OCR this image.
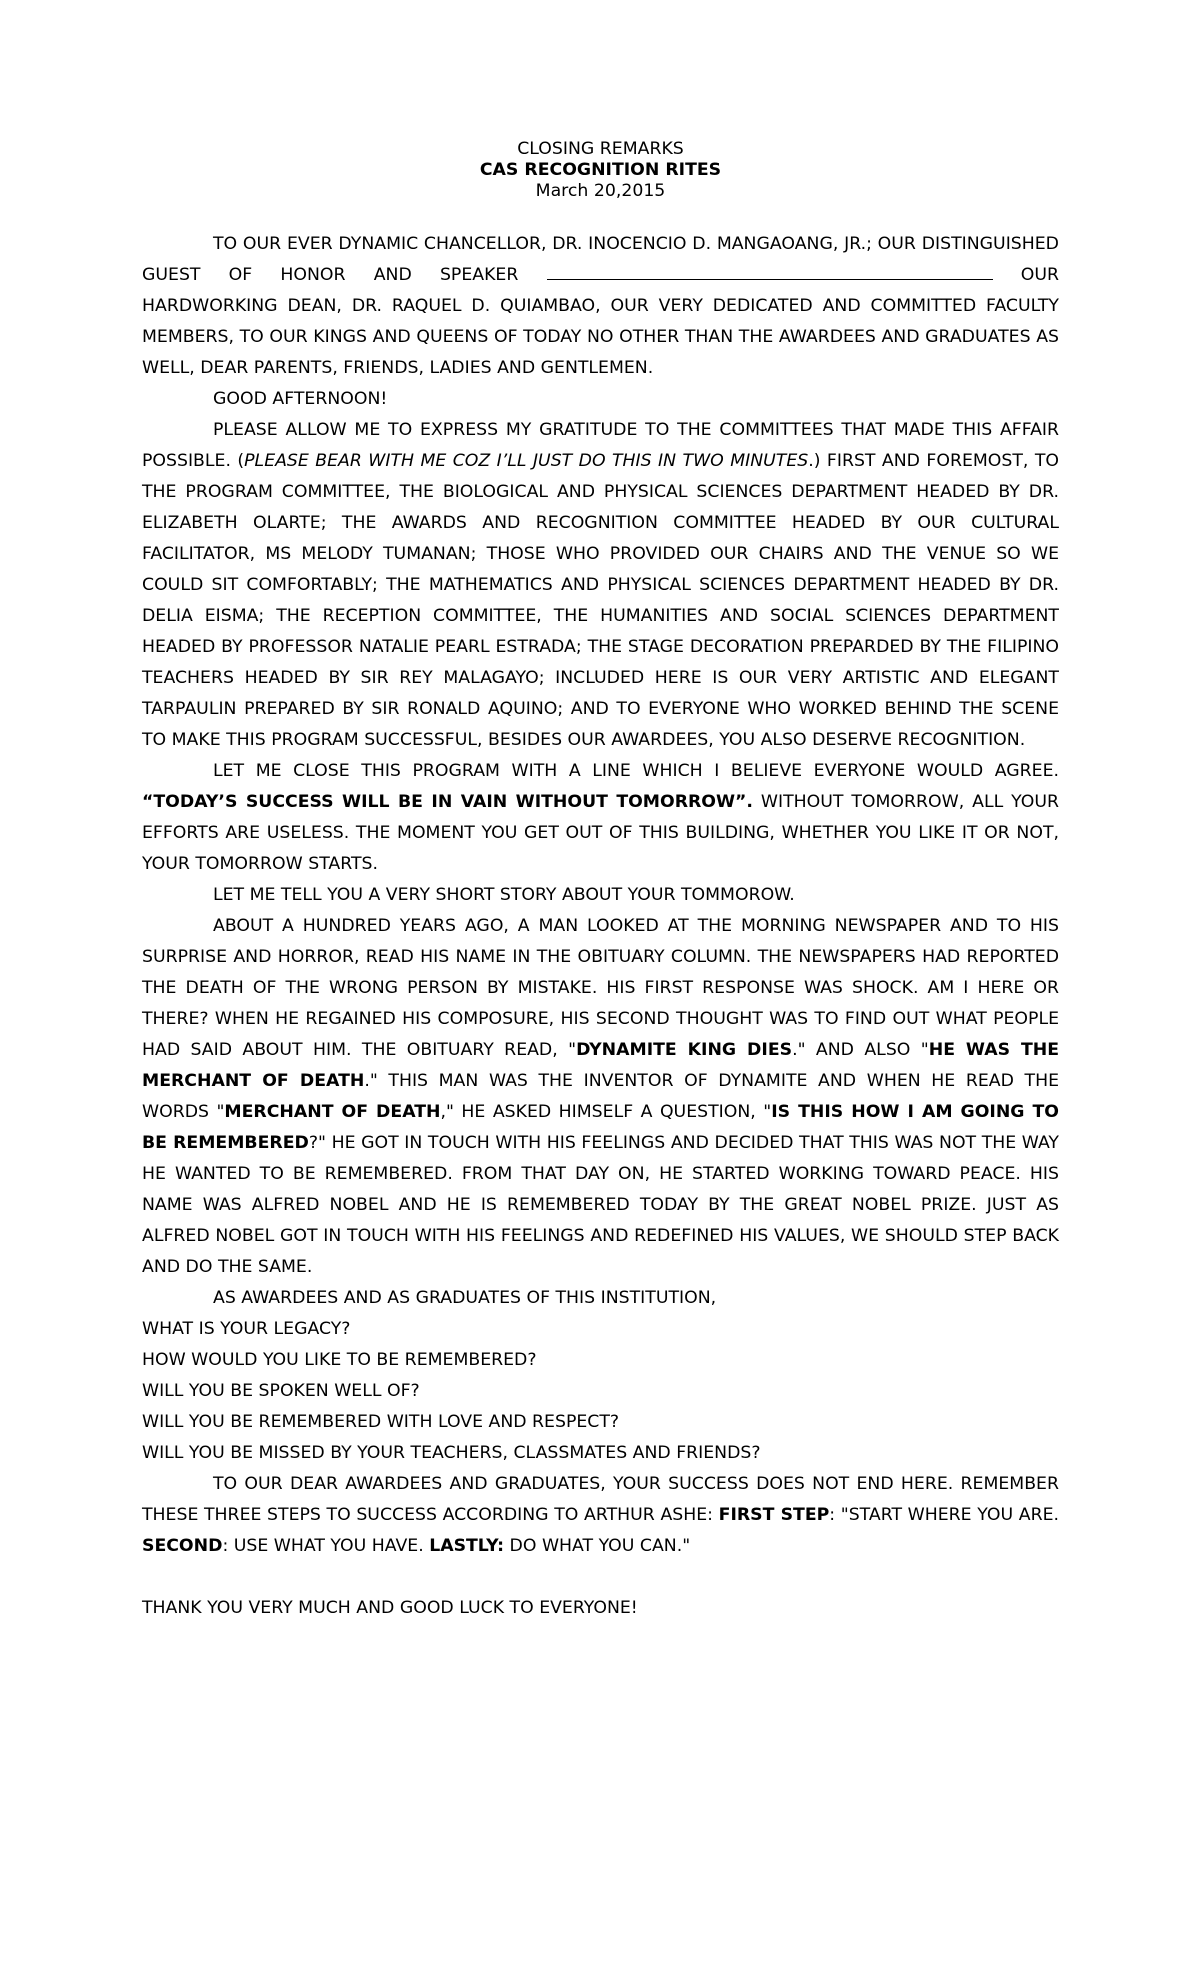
CLOSING REMARKS
CAS RECOGNITION RITES
March 20,2015

TO OUR EVER DYNAMIC CHANCELLOR, DR. INOCENCIO D. MANGAOANG, JR.; OUR DISTINGUISHED GUEST OF HONOR AND SPEAKER	OUR HARDWORKING DEAN, DR. RAQUEL D. QUIAMBAO, OUR VERY DEDICATED AND COMMITTED FACULTY MEMBERS, TO OUR KINGS AND QUEENS OF TODAY NO OTHER THAN THE AWARDEES AND GRADUATES AS WELL, DEAR PARENTS, FRIENDS, LADIES AND GENTLEMEN.

GOOD AFTERNOON!

PLEASE ALLOW ME TO EXPRESS MY GRATITUDE TO THE COMMITTEES THAT MADE THIS AFFAIR POSSIBLE. (PLEASE BEAR WITH ME COZ I’LL JUST DO THIS IN TWO MINUTES.) FIRST AND FOREMOST, TO THE PROGRAM COMMITTEE, THE BIOLOGICAL AND PHYSICAL SCIENCES DEPARTMENT HEADED BY DR. ELIZABETH OLARTE; THE AWARDS AND RECOGNITION COMMITTEE HEADED BY OUR CULTURAL FACILITATOR, MS MELODY TUMANAN; THOSE WHO PROVIDED OUR CHAIRS AND THE VENUE SO WE COULD SIT COMFORTABLY; THE MATHEMATICS AND PHYSICAL SCIENCES DEPARTMENT HEADED BY DR. DELIA EISMA; THE RECEPTION COMMITTEE, THE HUMANITIES AND SOCIAL SCIENCES DEPARTMENT HEADED BY PROFESSOR NATALIE PEARL ESTRADA; THE STAGE DECORATION PREPARDED BY THE FILIPINO TEACHERS HEADED BY SIR REY MALAGAYO; INCLUDED HERE IS OUR VERY ARTISTIC AND ELEGANT TARPAULIN PREPARED BY SIR RONALD AQUINO; AND TO EVERYONE WHO WORKED BEHIND THE SCENE TO MAKE THIS PROGRAM SUCCESSFUL, BESIDES OUR AWARDEES, YOU ALSO DESERVE RECOGNITION.

LET ME CLOSE THIS PROGRAM WITH A LINE WHICH I BELIEVE EVERYONE WOULD AGREE. “TODAY’S SUCCESS WILL BE IN VAIN WITHOUT TOMORROW”. WITHOUT TOMORROW, ALL YOUR EFFORTS ARE USELESS. THE MOMENT YOU GET OUT OF THIS BUILDING, WHETHER YOU LIKE IT OR NOT, YOUR TOMORROW STARTS.

LET ME TELL YOU A VERY SHORT STORY ABOUT YOUR TOMMOROW.

ABOUT A HUNDRED YEARS AGO, A MAN LOOKED AT THE MORNING NEWSPAPER AND TO HIS SURPRISE AND HORROR, READ HIS NAME IN THE OBITUARY COLUMN. THE NEWSPAPERS HAD REPORTED THE DEATH OF THE WRONG PERSON BY MISTAKE. HIS FIRST RESPONSE WAS SHOCK. AM I HERE OR THERE? WHEN HE REGAINED HIS COMPOSURE, HIS SECOND THOUGHT WAS TO FIND OUT WHAT PEOPLE HAD SAID ABOUT HIM. THE OBITUARY READ, "DYNAMITE KING DIES." AND ALSO "HE WAS THE MERCHANT OF DEATH." THIS MAN WAS THE INVENTOR OF DYNAMITE AND WHEN HE READ THE WORDS "MERCHANT OF DEATH," HE ASKED HIMSELF A QUESTION, "IS THIS HOW I AM GOING TO BE REMEMBERED?" HE GOT IN TOUCH WITH HIS FEELINGS AND DECIDED THAT THIS WAS NOT THE WAY HE WANTED TO BE REMEMBERED. FROM THAT DAY ON, HE STARTED WORKING TOWARD PEACE. HIS NAME WAS ALFRED NOBEL AND HE IS REMEMBERED TODAY BY THE GREAT NOBEL PRIZE. JUST AS ALFRED NOBEL GOT IN TOUCH WITH HIS FEELINGS AND REDEFINED HIS VALUES, WE SHOULD STEP BACK AND DO THE SAME.

AS AWARDEES AND AS GRADUATES OF THIS INSTITUTION,

WHAT IS YOUR LEGACY?

HOW WOULD YOU LIKE TO BE REMEMBERED?

WILL YOU BE SPOKEN WELL OF?

WILL YOU BE REMEMBERED WITH LOVE AND RESPECT?

WILL YOU BE MISSED BY YOUR TEACHERS, CLASSMATES AND FRIENDS?

TO OUR DEAR AWARDEES AND GRADUATES, YOUR SUCCESS DOES NOT END HERE. REMEMBER THESE THREE STEPS TO SUCCESS ACCORDING TO ARTHUR ASHE: FIRST STEP: "START WHERE YOU ARE. SECOND: USE WHAT YOU HAVE. LASTLY: DO WHAT YOU CAN."

THANK YOU VERY MUCH AND GOOD LUCK TO EVERYONE!
